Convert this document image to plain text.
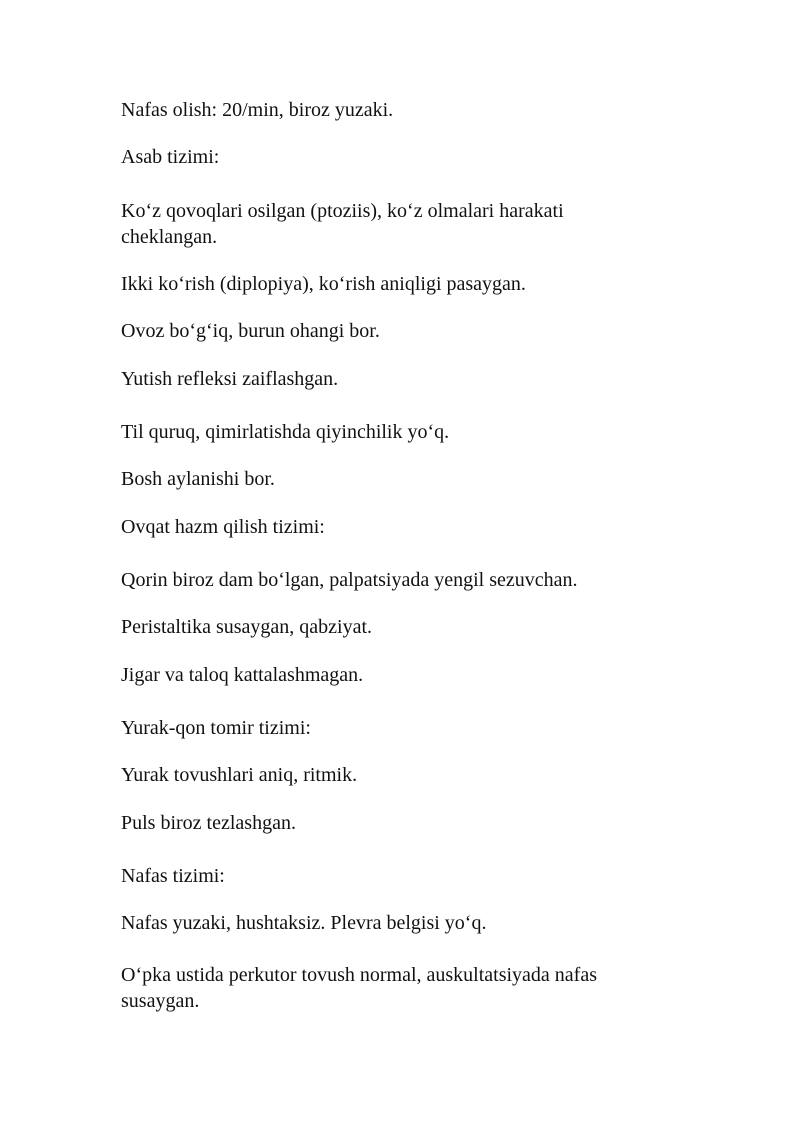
Nafas olish: 20/min, biroz yuzaki.

Asab tizimi:

Ko‘z qovoqlari osilgan (ptoziis), ko‘z olmalari harakati cheklangan.

Ikki ko‘rish (diplopiya), ko‘rish aniqligi pasaygan.

Ovoz bo‘g‘iq, burun ohangi bor.

Yutish refleksi zaiflashgan.

Til quruq, qimirlatishda qiyinchilik yo‘q.

Bosh aylanishi bor.

Ovqat hazm qilish tizimi:

Qorin biroz dam bo‘lgan, palpatsiyada yengil sezuvchan.

Peristaltika susaygan, qabziyat.

Jigar va taloq kattalashmagan.

Yurak-qon tomir tizimi:

Yurak tovushlari aniq, ritmik.

Puls biroz tezlashgan.

Nafas tizimi:

Nafas yuzaki, hushtaksiz. Plevra belgisi yo‘q.

O‘pka ustida perkutor tovush normal, auskultatsiyada nafas susaygan.
